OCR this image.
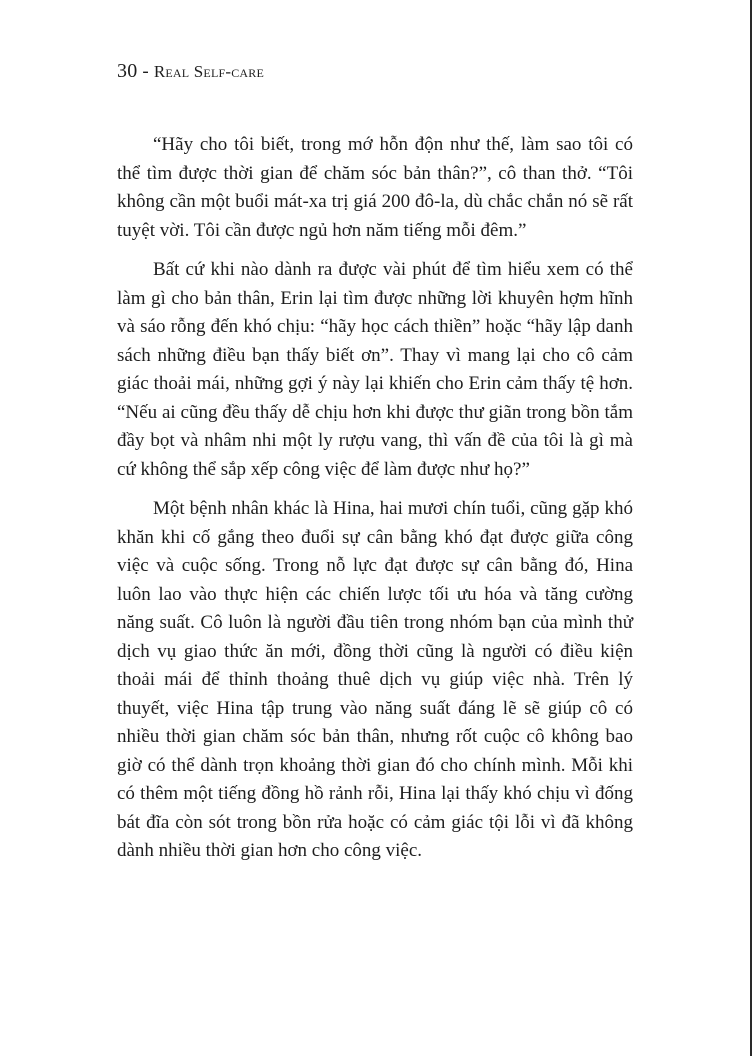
30 - Real Self-care

“Hãy cho tôi biết, trong mớ hỗn độn như thế, làm sao tôi có thể tìm được thời gian để chăm sóc bản thân?”, cô than thở. “Tôi không cần một buổi mát-xa trị giá 200 đô-la, dù chắc chắn nó sẽ rất tuyệt vời. Tôi cần được ngủ hơn năm tiếng mỗi đêm.”

Bất cứ khi nào dành ra được vài phút để tìm hiểu xem có thể làm gì cho bản thân, Erin lại tìm được những lời khuyên hợm hĩnh và sáo rỗng đến khó chịu: “hãy học cách thiền” hoặc “hãy lập danh sách những điều bạn thấy biết ơn”. Thay vì mang lại cho cô cảm giác thoải mái, những gợi ý này lại khiến cho Erin cảm thấy tệ hơn. “Nếu ai cũng đều thấy dễ chịu hơn khi được thư giãn trong bồn tắm đầy bọt và nhâm nhi một ly rượu vang, thì vấn đề của tôi là gì mà cứ không thể sắp xếp công việc để làm được như họ?”

Một bệnh nhân khác là Hina, hai mươi chín tuổi, cũng gặp khó khăn khi cố gắng theo đuổi sự cân bằng khó đạt được giữa công việc và cuộc sống. Trong nỗ lực đạt được sự cân bằng đó, Hina luôn lao vào thực hiện các chiến lược tối ưu hóa và tăng cường năng suất. Cô luôn là người đầu tiên trong nhóm bạn của mình thử dịch vụ giao thức ăn mới, đồng thời cũng là người có điều kiện thoải mái để thỉnh thoảng thuê dịch vụ giúp việc nhà. Trên lý thuyết, việc Hina tập trung vào năng suất đáng lẽ sẽ giúp cô có nhiều thời gian chăm sóc bản thân, nhưng rốt cuộc cô không bao giờ có thể dành trọn khoảng thời gian đó cho chính mình. Mỗi khi có thêm một tiếng đồng hồ rảnh rỗi, Hina lại thấy khó chịu vì đống bát đĩa còn sót trong bồn rửa hoặc có cảm giác tội lỗi vì đã không dành nhiều thời gian hơn cho công việc.
